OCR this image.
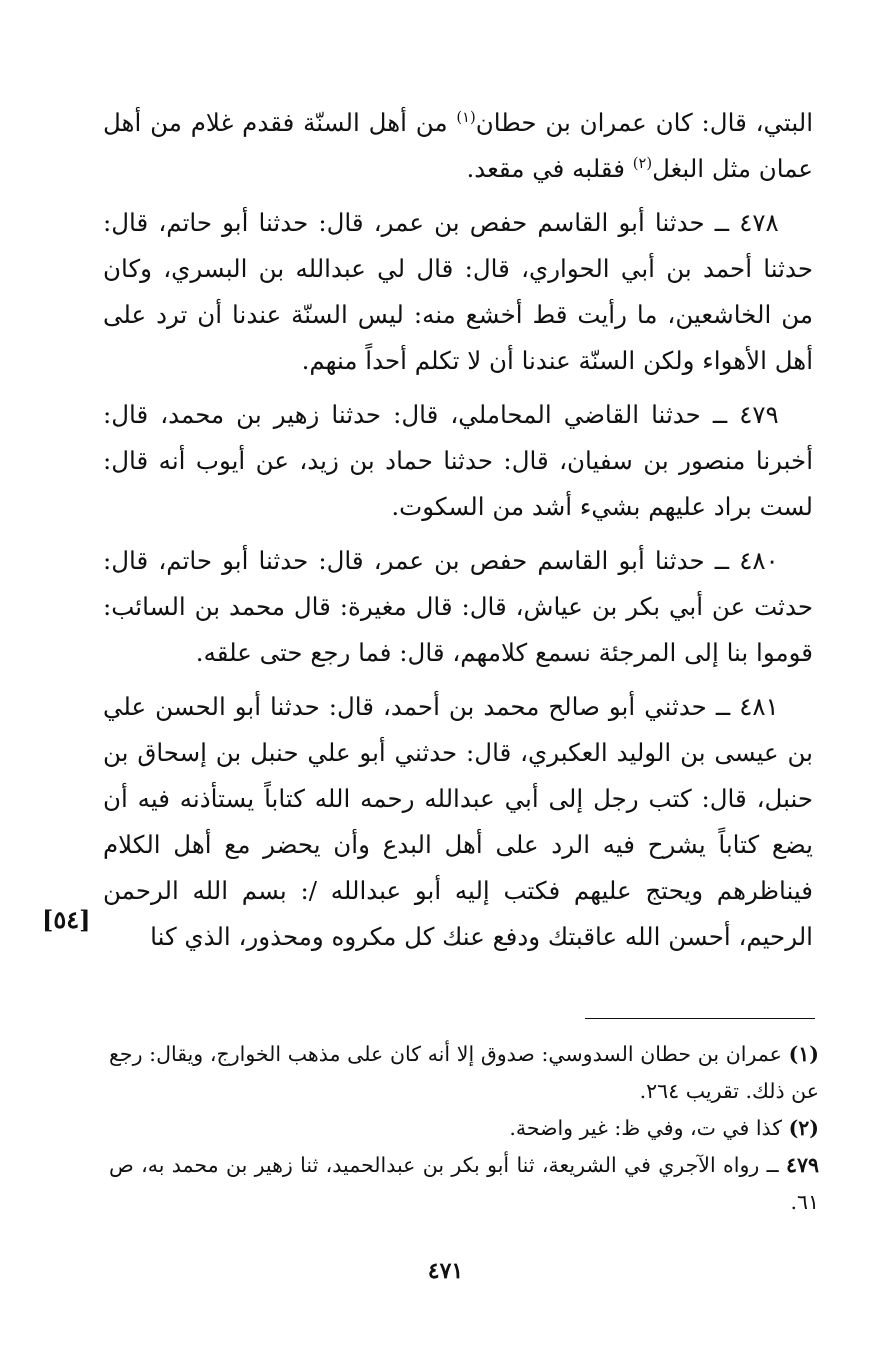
البتي، قال: كان عمران بن حطان$^{(١)}$ من أهل السنّة فقدم غلام من أهل عمان مثل البغل$^{(٢)}$ فقلبه في مقعد.

٤٧٨ ــ حدثنا أبو القاسم حفص بن عمر، قال: حدثنا أبو حاتم، قال: حدثنا أحمد بن أبي الحواري، قال: قال لي عبدالله بن البسري، وكان من الخاشعين، ما رأيت قط أخشع منه: ليس السنّة عندنا أن ترد على أهل الأهواء ولكن السنّة عندنا أن لا تكلم أحداً منهم.

٤٧٩ ــ حدثنا القاضي المحاملي، قال: حدثنا زهير بن محمد، قال: أخبرنا منصور بن سفيان، قال: حدثنا حماد بن زيد، عن أيوب أنه قال: لست براد عليهم بشيء أشد من السكوت.

٤٨٠ ــ حدثنا أبو القاسم حفص بن عمر، قال: حدثنا أبو حاتم، قال: حدثت عن أبي بكر بن عياش، قال: قال مغيرة: قال محمد بن السائب: قوموا بنا إلى المرجئة نسمع كلامهم، قال: فما رجع حتى علقه.

٤٨١ ــ حدثني أبو صالح محمد بن أحمد، قال: حدثنا أبو الحسن علي بن عيسى بن الوليد العكبري، قال: حدثني أبو علي حنبل بن إسحاق بن حنبل، قال: كتب رجل إلى أبي عبدالله رحمه الله كتاباً يستأذنه فيه أن يضع كتاباً يشرح فيه الرد على أهل البدع وأن يحضر مع أهل الكلام فيناظرهم ويحتج عليهم فكتب إليه أبو عبدالله /: بسم الله الرحمن الرحيم، أحسن الله عاقبتك ودفع عنك كل مكروه ومحذور، الذي كنا

[٥٤]

(١) عمران بن حطان السدوسي: صدوق إلا أنه كان على مذهب الخوارج، ويقال: رجع عن ذلك. تقريب ٢٦٤.

(٢) كذا في ت، وفي ظ: غير واضحة.

٤٧٩ ــ رواه الآجري في الشريعة، ثنا أبو بكر بن عبدالحميد، ثنا زهير بن محمد به، ص ٦١.

٤٧١
